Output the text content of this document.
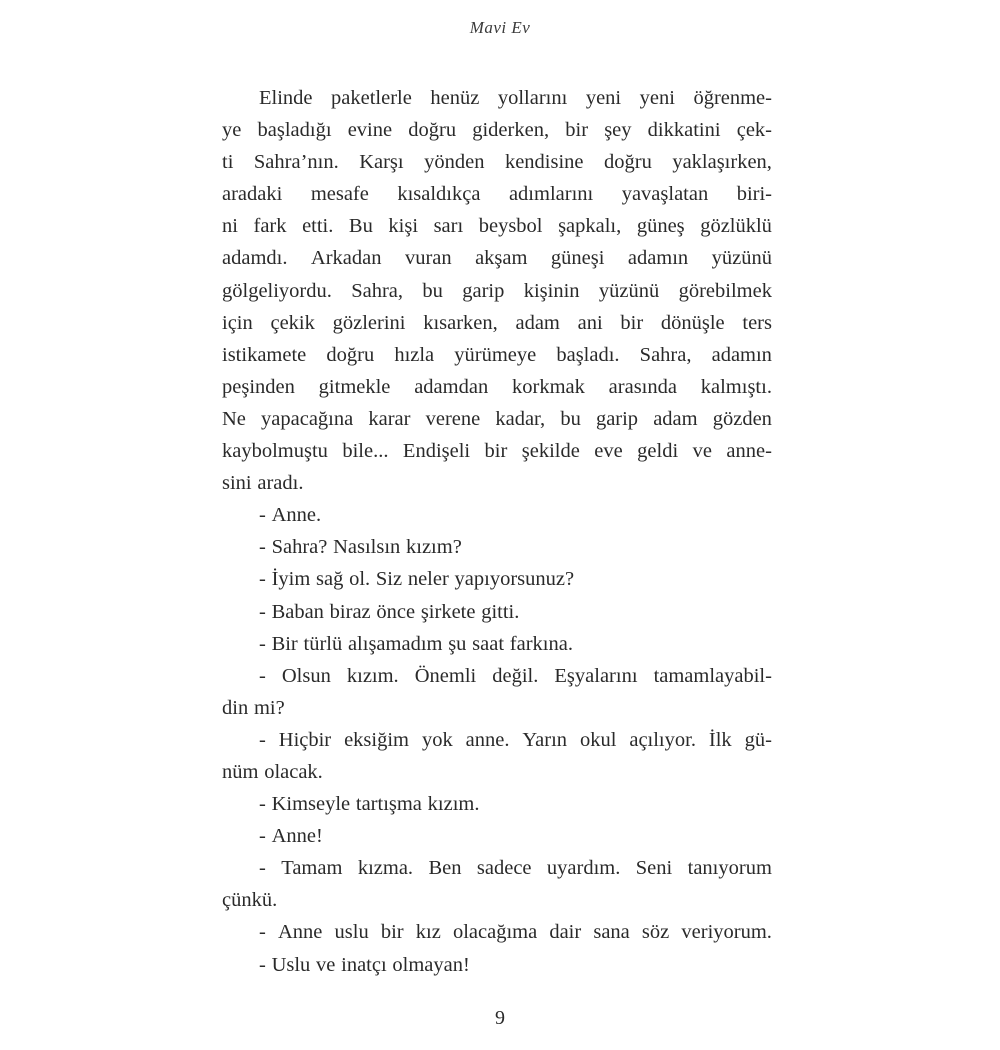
Mavi Ev
Elinde paketlerle henüz yollarını yeni yeni öğrenme-
ye başladığı evine doğru giderken, bir şey dikkatini çek-
ti Sahra’nın. Karşı yönden kendisine doğru yaklaşırken,
aradaki mesafe kısaldıkça adımlarını yavaşlatan biri-
ni fark etti. Bu kişi sarı beysbol şapkalı, güneş gözlüklü
adamdı. Arkadan vuran akşam güneşi adamın yüzünü
gölgeliyordu. Sahra, bu garip kişinin yüzünü görebilmek
için çekik gözlerini kısarken, adam ani bir dönüşle ters
istikamete doğru hızla yürümeye başladı. Sahra, adamın
peşinden gitmekle adamdan korkmak arasında kalmıştı.
Ne yapacağına karar verene kadar, bu garip adam gözden
kaybolmuştu bile... Endişeli bir şekilde eve geldi ve anne-
sini aradı.
- Anne.
- Sahra? Nasılsın kızım?
- İyim sağ ol. Siz neler yapıyorsunuz?
- Baban biraz önce şirkete gitti.
- Bir türlü alışamadım şu saat farkına.
- Olsun kızım. Önemli değil. Eşyalarını tamamlayabil-
din mi?
- Hiçbir eksiğim yok anne. Yarın okul açılıyor. İlk gü-
nüm olacak.
- Kimseyle tartışma kızım.
- Anne!
- Tamam kızma. Ben sadece uyardım. Seni tanıyorum
çünkü.
- Anne uslu bir kız olacağıma dair sana söz veriyorum.
- Uslu ve inatçı olmayan!
9
